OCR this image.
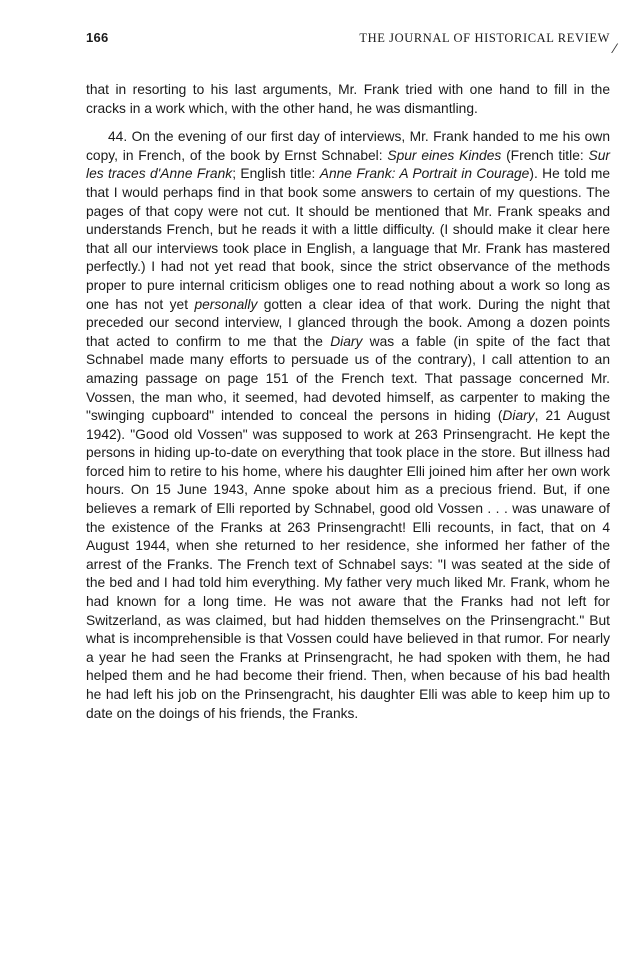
166	THE JOURNAL OF HISTORICAL REVIEW
⁄

that in resorting to his last arguments, Mr. Frank tried with one hand to fill in the cracks in a work which, with the other hand, he was dismantling.

44. On the evening of our first day of interviews, Mr. Frank handed to me his own copy, in French, of the book by Ernst Schnabel: Spur eines Kindes (French title: Sur les traces d'Anne Frank; English title: Anne Frank: A Portrait in Courage). He told me that I would perhaps find in that book some answers to certain of my questions. The pages of that copy were not cut. It should be mentioned that Mr. Frank speaks and understands French, but he reads it with a little difficulty. (I should make it clear here that all our interviews took place in English, a language that Mr. Frank has mastered perfectly.) I had not yet read that book, since the strict observance of the methods proper to pure internal criticism obliges one to read nothing about a work so long as one has not yet personally gotten a clear idea of that work. During the night that preceded our second interview, I glanced through the book. Among a dozen points that acted to confirm to me that the Diary was a fable (in spite of the fact that Schnabel made many efforts to persuade us of the contrary), I call attention to an amazing passage on page 151 of the French text. That passage concerned Mr. Vossen, the man who, it seemed, had devoted himself, as carpenter to making the "swinging cupboard" intended to conceal the persons in hiding (Diary, 21 August 1942). "Good old Vossen" was supposed to work at 263 Prinsengracht. He kept the persons in hiding up-to-date on everything that took place in the store. But illness had forced him to retire to his home, where his daughter Elli joined him after her own work hours. On 15 June 1943, Anne spoke about him as a precious friend. But, if one believes a remark of Elli reported by Schnabel, good old Vossen . . . was unaware of the existence of the Franks at 263 Prinsengracht! Elli recounts, in fact, that on 4 August 1944, when she returned to her residence, she informed her father of the arrest of the Franks. The French text of Schnabel says: "I was seated at the side of the bed and I had told him everything. My father very much liked Mr. Frank, whom he had known for a long time. He was not aware that the Franks had not left for Switzerland, as was claimed, but had hidden themselves on the Prinsengracht." But what is incomprehensible is that Vossen could have believed in that rumor. For nearly a year he had seen the Franks at Prinsengracht, he had spoken with them, he had helped them and he had become their friend. Then, when because of his bad health he had left his job on the Prinsengracht, his daughter Elli was able to keep him up to date on the doings of his friends, the Franks.
